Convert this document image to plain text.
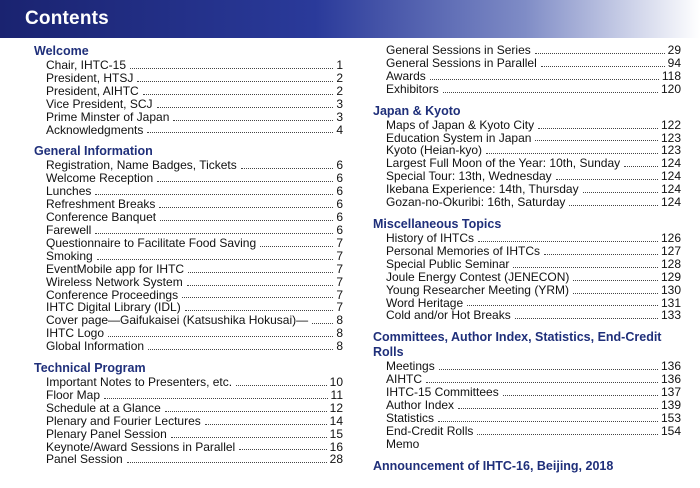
Contents
Welcome
Chair, IHTC-15	1
President, HTSJ	2
President, AIHTC	2
Vice President, SCJ	3
Prime Minster of Japan	3
Acknowledgments	4
General Information
Registration, Name Badges, Tickets	6
Welcome Reception	6
Lunches	6
Refreshment Breaks	6
Conference Banquet	6
Farewell	6
Questionnaire to Facilitate Food Saving	7
Smoking	7
EventMobile app for IHTC	7
Wireless Network System	7
Conference Proceedings	7
IHTC Digital Library (IDL)	7
Cover page—Gaifukaisei (Katsushika Hokusai)— 8
IHTC Logo	8
Global Information	8
Technical Program
Important Notes to Presenters, etc.	10
Floor Map	11
Schedule at a Glance	12
Plenary and Fourier Lectures	14
Plenary Panel Session	15
Keynote/Award Sessions in Parallel	16
Panel Session	28
General Sessions in Series	29
General Sessions in Parallel	94
Awards	118
Exhibitors	120
Japan & Kyoto
Maps of Japan & Kyoto City	122
Education System in Japan	123
Kyoto (Heian-kyo)	123
Largest Full Moon of the Year: 10th, Sunday	124
Special Tour: 13th, Wednesday	124
Ikebana Experience: 14th, Thursday	124
Gozan-no-Okuribi: 16th, Saturday	124
Miscellaneous Topics
History of IHTCs	126
Personal Memories of IHTCs	127
Special Public Seminar	128
Joule Energy Contest (JENECON)	129
Young Researcher Meeting (YRM)	130
Word Heritage	131
Cold and/or Hot Breaks	133
Committees, Author Index, Statistics, End-Credit Rolls
Meetings	136
AIHTC	136
IHTC-15 Committees	137
Author Index	139
Statistics	153
End-Credit Rolls	154
Memo
Announcement of IHTC-16, Beijing, 2018
